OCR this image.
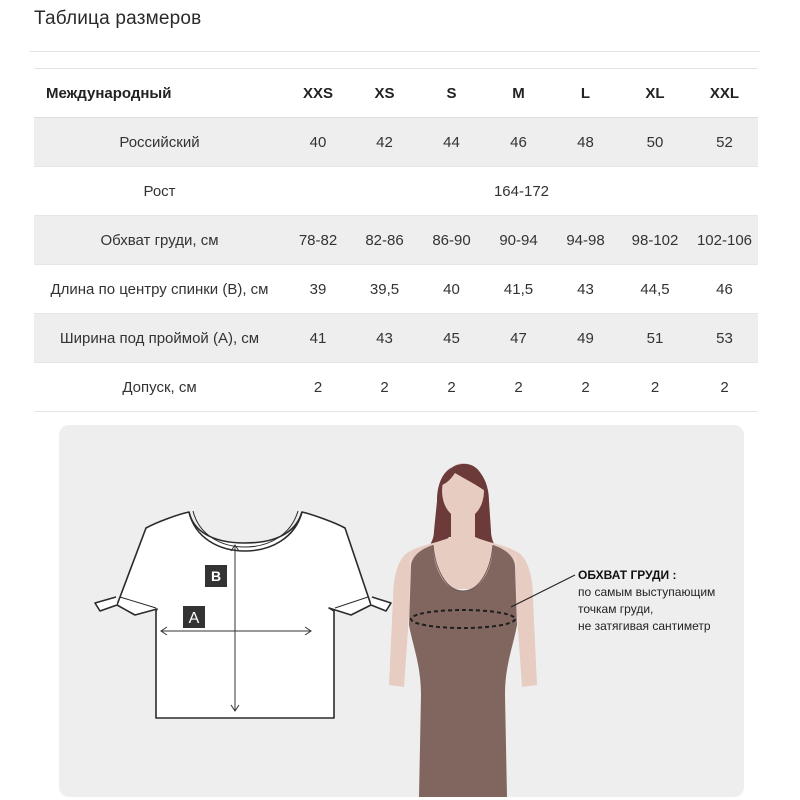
Таблица размеров
Международный	XXS	XS	S	M	L	XL	XXL
Российский	40	42	44	46	48	50	52
Рост	164-172						
Обхват груди, см	78-82	82-86	86-90	90-94	94-98	98-102	102-106
Длина по центру спинки (В), см	39	39,5	40	41,5	43	44,5	46
Ширина под проймой (А), см	41	43	45	47	49	51	53
Допуск, см	2	2	2	2	2	2	2
B
A
ОБХВАТ ГРУДИ :
по самым выступающим
точкам груди,
не затягивая сантиметр
